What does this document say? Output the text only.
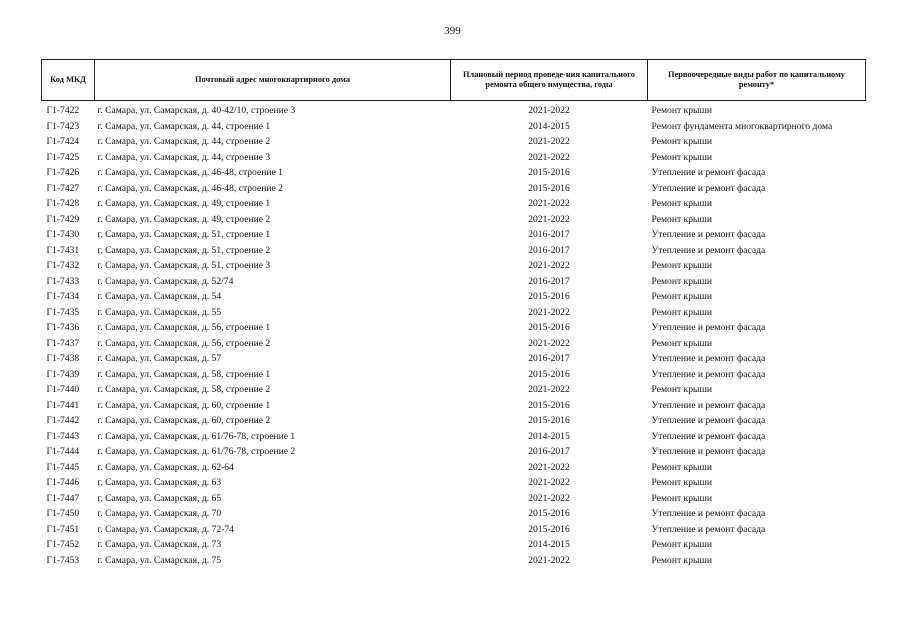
399
Код МКД	Почтовый адрес многоквартирного дома	Плановый период проведе-ния капитального ремонта общего имущества, годы	Первоочередные виды работ по капитальному ремонту*

Г1-7422	г. Самара, ул. Самарская, д. 40-42/10, строение 3	2021-2022	Ремонт крыши
Г1-7423	г. Самара, ул. Самарская, д. 44, строение 1	2014-2015	Ремонт фундамента многоквартирного дома
Г1-7424	г. Самара, ул. Самарская, д. 44, строение 2	2021-2022	Ремонт крыши
Г1-7425	г. Самара, ул. Самарская, д. 44, строение 3	2021-2022	Ремонт крыши
Г1-7426	г. Самара, ул. Самарская, д. 46-48, строение 1	2015-2016	Утепление и ремонт фасада
Г1-7427	г. Самара, ул. Самарская, д. 46-48, строение 2	2015-2016	Утепление и ремонт фасада
Г1-7428	г. Самара, ул. Самарская, д. 49, строение 1	2021-2022	Ремонт крыши
Г1-7429	г. Самара, ул. Самарская, д. 49, строение 2	2021-2022	Ремонт крыши
Г1-7430	г. Самара, ул. Самарская, д. 51, строение 1	2016-2017	Утепление и ремонт фасада
Г1-7431	г. Самара, ул. Самарская, д. 51, строение 2	2016-2017	Утепление и ремонт фасада
Г1-7432	г. Самара, ул. Самарская, д. 51, строение 3	2021-2022	Ремонт крыши
Г1-7433	г. Самара, ул. Самарская, д. 52/74	2016-2017	Ремонт крыши
Г1-7434	г. Самара, ул. Самарская, д. 54	2015-2016	Ремонт крыши
Г1-7435	г. Самара, ул. Самарская, д. 55	2021-2022	Ремонт крыши
Г1-7436	г. Самара, ул. Самарская, д. 56, строение 1	2015-2016	Утепление и ремонт фасада
Г1-7437	г. Самара, ул. Самарская, д. 56, строение 2	2021-2022	Ремонт крыши
Г1-7438	г. Самара, ул. Самарская, д. 57	2016-2017	Утепление и ремонт фасада
Г1-7439	г. Самара, ул. Самарская, д. 58, строение 1	2015-2016	Утепление и ремонт фасада
Г1-7440	г. Самара, ул. Самарская, д. 58, строение 2	2021-2022	Ремонт крыши
Г1-7441	г. Самара, ул. Самарская, д. 60, строение 1	2015-2016	Утепление и ремонт фасада
Г1-7442	г. Самара, ул. Самарская, д. 60, строение 2	2015-2016	Утепление и ремонт фасада
Г1-7443	г. Самара, ул. Самарская, д. 61/76-78, строение 1	2014-2015	Утепление и ремонт фасада
Г1-7444	г. Самара, ул. Самарская, д. 61/76-78, строение 2	2016-2017	Утепление и ремонт фасада
Г1-7445	г. Самара, ул. Самарская, д. 62-64	2021-2022	Ремонт крыши
Г1-7446	г. Самара, ул. Самарская, д. 63	2021-2022	Ремонт крыши
Г1-7447	г. Самара, ул. Самарская, д. 65	2021-2022	Ремонт крыши
Г1-7450	г. Самара, ул. Самарская, д. 70	2015-2016	Утепление и ремонт фасада
Г1-7451	г. Самара, ул. Самарская, д. 72-74	2015-2016	Утепление и ремонт фасада
Г1-7452	г. Самара, ул. Самарская, д. 73	2014-2015	Ремонт крыши
Г1-7453	г. Самара, ул. Самарская, д. 75	2021-2022	Ремонт крыши
